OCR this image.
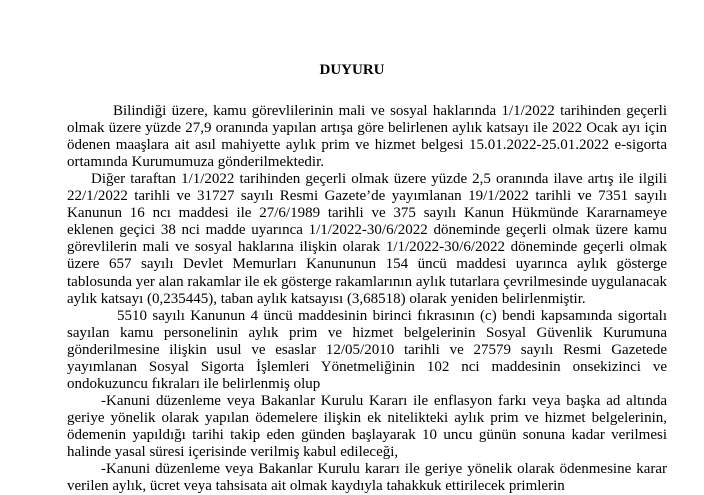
DUYURU

Bilindiği üzere, kamu görevlilerinin mali ve sosyal haklarında 1/1/2022 tarihinden geçerli olmak üzere yüzde 27,9 oranında yapılan artışa göre belirlenen aylık katsayı ile 2022 Ocak ayı için ödenen maaşlara ait asıl mahiyette aylık prim ve hizmet belgesi 15.01.2022-25.01.2022 e-sigorta ortamında Kurumumuza gönderilmektedir.

Diğer taraftan 1/1/2022 tarihinden geçerli olmak üzere yüzde 2,5 oranında ilave artış ile ilgili 22/1/2022 tarihli ve 31727 sayılı Resmi Gazete’de yayımlanan 19/1/2022 tarihli ve 7351 sayılı Kanunun 16 ncı maddesi ile 27/6/1989 tarihli ve 375 sayılı Kanun Hükmünde Kararnameye eklenen geçici 38 nci madde uyarınca 1/1/2022-30/6/2022 döneminde geçerli olmak üzere kamu görevlilerin mali ve sosyal haklarına ilişkin olarak 1/1/2022-30/6/2022 döneminde geçerli olmak üzere 657 sayılı Devlet Memurları Kanununun 154 üncü maddesi uyarınca aylık gösterge tablosunda yer alan rakamlar ile ek gösterge rakamlarının aylık tutarlara çevrilmesinde uygulanacak aylık katsayı (0,235445), taban aylık katsayısı (3,68518) olarak yeniden belirlenmiştir.

5510 sayılı Kanunun 4 üncü maddesinin birinci fıkrasının (c) bendi kapsamında sigortalı sayılan kamu personelinin aylık prim ve hizmet belgelerinin Sosyal Güvenlik Kurumuna gönderilmesine ilişkin usul ve esaslar 12/05/2010 tarihli ve 27579 sayılı Resmi Gazetede yayımlanan Sosyal Sigorta İşlemleri Yönetmeliğinin 102 nci maddesinin onsekizinci ve ondokuzuncu fıkraları ile belirlenmiş olup

-Kanuni düzenleme veya Bakanlar Kurulu Kararı ile enflasyon farkı veya başka ad altında geriye yönelik olarak yapılan ödemelere ilişkin ek nitelikteki aylık prim ve hizmet belgelerinin, ödemenin yapıldığı tarihi takip eden günden başlayarak 10 uncu günün sonuna kadar verilmesi halinde yasal süresi içerisinde verilmiş kabul edileceği,

-Kanuni düzenleme veya Bakanlar Kurulu kararı ile geriye yönelik olarak ödenmesine karar verilen aylık, ücret veya tahsisata ait olmak kaydıyla tahakkuk ettirilecek primlerin
